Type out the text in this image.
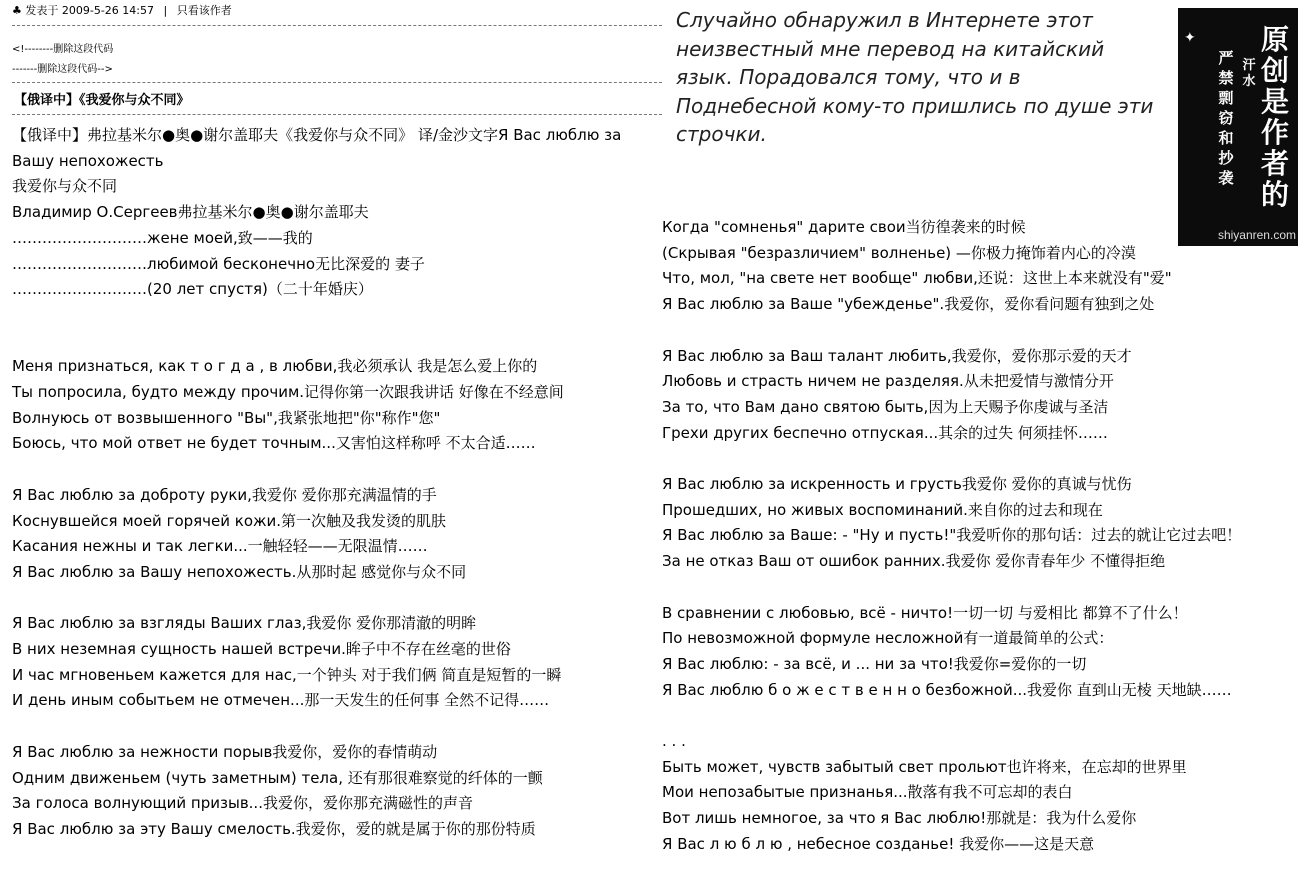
♣ 发表于 2009-5-26 14:57 | 只看该作者
<!--------删除这段代码
-------删除这段代码-->
【俄译中】《我爱你与众不同》
【俄译中】弗拉基米尔●奥●谢尔盖耶夫《我爱你与众不同》 译/金沙文字Я Вас люблю за
Вашу непохожесть
我爱你与众不同
Владимир О.Сергеев弗拉基米尔●奥●谢尔盖耶夫
………………………жене моей,致——我的
………………………любимой бесконечно无比深爱的 妻子
………………………(20 лет спустя)（二十年婚庆）

Меня признаться, как т о г д а , в любви,我必须承认 我是怎么爱上你的
Ты попросила, будто между прочим.记得你第一次跟我讲话 好像在不经意间
Волнуюсь от возвышенного "Вы",我紧张地把"你"称作"您"
Боюсь, что мой ответ не будет точным...又害怕这样称呼 不太合适……

Я Вас люблю за доброту руки,我爱你 爱你那充满温情的手
Коснувшейся моей горячей кожи.第一次触及我发烫的肌肤
Касания нежны и так легки...一触轻轻——无限温情……
Я Вас люблю за Вашу непохожесть.从那时起 感觉你与众不同

Я Вас люблю за взгляды Ваших глаз,我爱你 爱你那清澈的明眸
В них неземная сущность нашей встречи.眸子中不存在丝毫的世俗
И час мгновеньем кажется для нас,一个钟头 对于我们俩 简直是短暂的一瞬
И день иным событьем не отмечен...那一天发生的任何事 全然不记得……

Я Вас люблю за нежности порыв我爱你，爱你的春情萌动
Одним движеньем (чуть заметным) тела, 还有那很难察觉的纤体的一颤
За голоса волнующий призыв...我爱你，爱你那充满磁性的声音
Я Вас люблю за эту Вашу смелость.我爱你，爱的就是属于你的那份特质
Случайно обнаружил в Интернете этот неизвестный мне перевод на китайский язык. Порадовался тому, что и в Поднебесной кому-то пришлись по душе эти строчки.
✦ 原创是作者的
汗水
严禁剽窃和抄袭
shiyanren.com
Когда "сомненья" дарите свои当彷徨袭来的时候
(Скрывая "безразличием" волненье) —你极力掩饰着内心的冷漠
Что, мол, "на свете нет вообще" любви,还说：这世上本来就没有"爱"
Я Вас люблю за Ваше "убежденье".我爱你，爱你看问题有独到之处

Я Вас люблю за Ваш талант любить,我爱你，爱你那示爱的天才
Любовь и страсть ничем не разделяя.从未把爱情与激情分开
За то, что Вам дано святою быть,因为上天赐予你虔诚与圣洁
Грехи других беспечно отпуская...其余的过失 何须挂怀……

Я Вас люблю за искренность и грусть我爱你 爱你的真诚与忧伤
Прошедших, но живых воспоминаний.来自你的过去和现在
Я Вас люблю за Ваше: - "Ну и пусть!"我爱听你的那句话：过去的就让它过去吧！
За не отказ Ваш от ошибок ранних.我爱你 爱你青春年少 不懂得拒绝

В сравнении с любовью, всё - ничто!一切一切 与爱相比 都算不了什么！
По невозможной формуле несложной有一道最简单的公式：
Я Вас люблю: - за всё, и ... ни за что!我爱你=爱你的一切
Я Вас люблю б о ж е с т в е н н о безбожной...我爱你 直到山无棱 天地缺……

. . .
Быть может, чувств забытый свет прольют也许将来，在忘却的世界里
Мои непозабытые признанья...散落有我不可忘却的表白
Вот лишь немногое, за что я Вас люблю!那就是：我为什么爱你
Я Вас л ю б л ю , небесное созданье! 我爱你——这是天意
